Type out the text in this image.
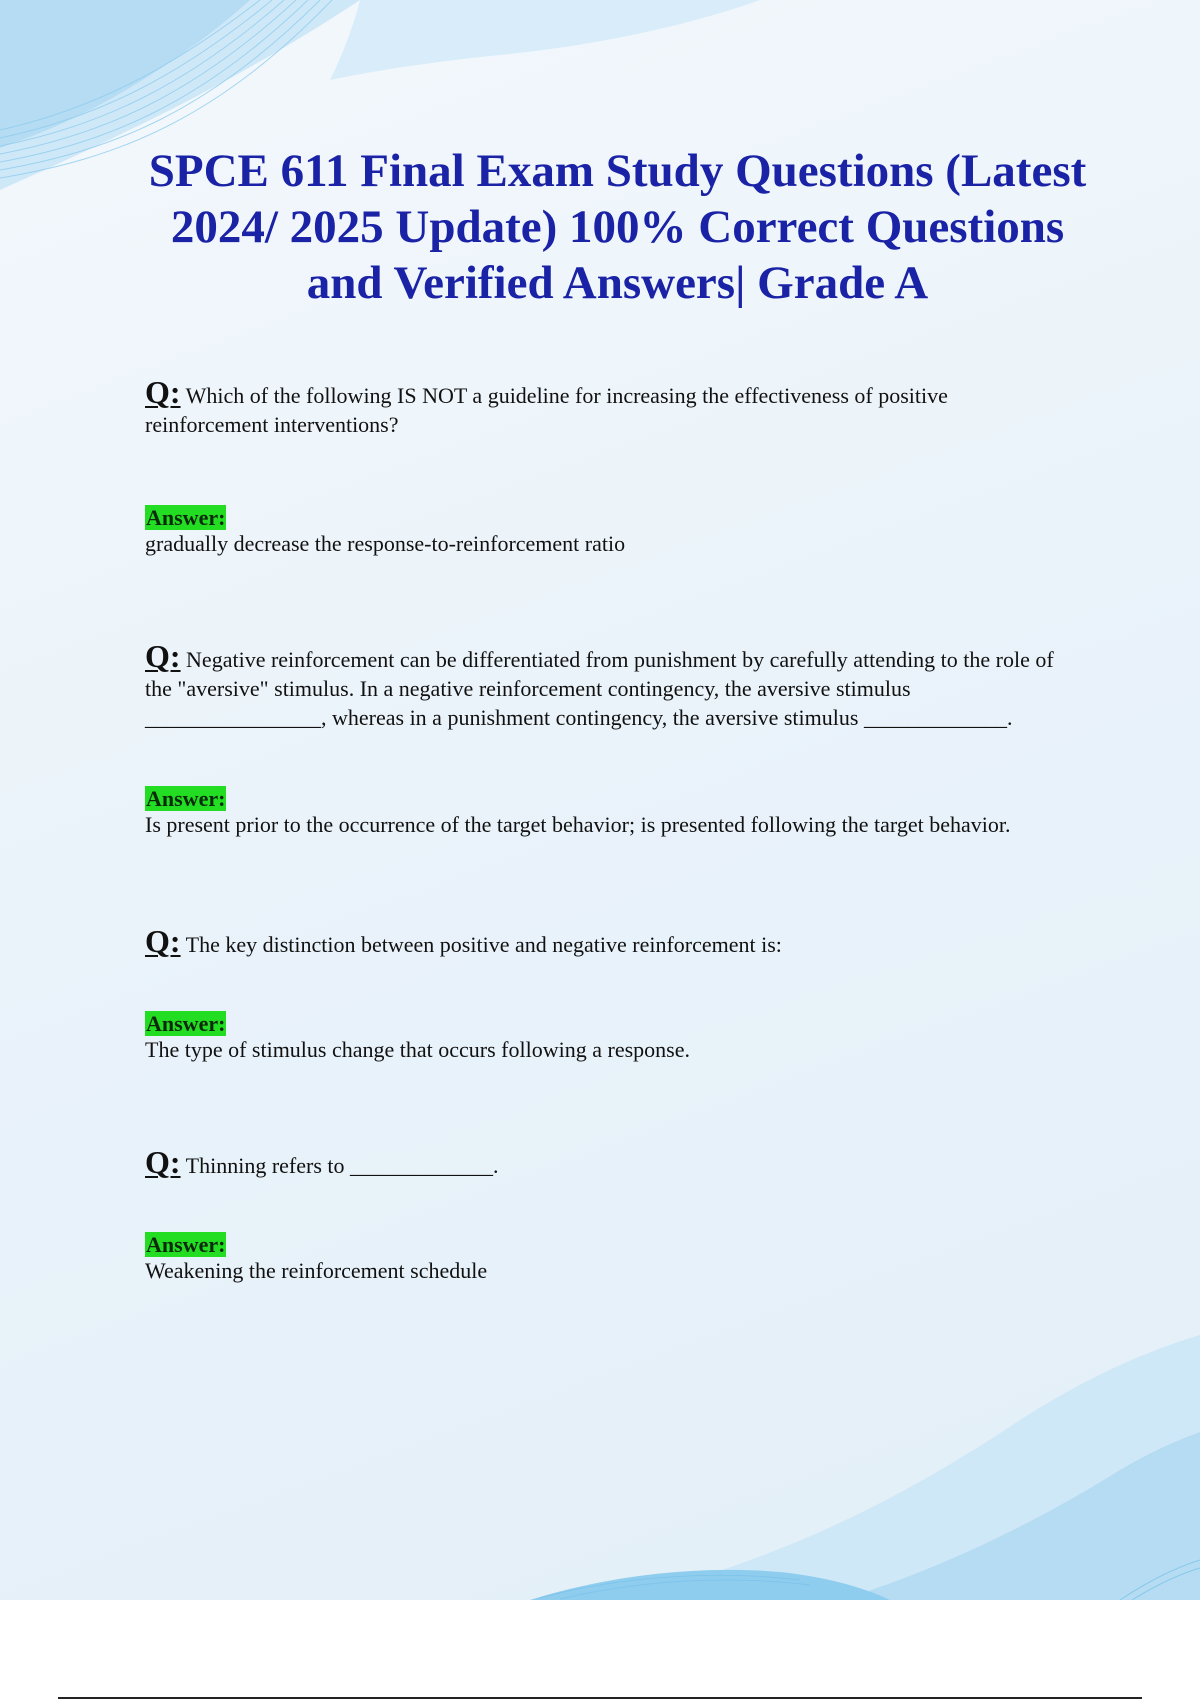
SPCE 611 Final Exam Study Questions (Latest 2024/ 2025 Update) 100% Correct Questions and Verified Answers| Grade A

Q: Which of the following IS NOT a guideline for increasing the effectiveness of positive reinforcement interventions?

Answer:

gradually decrease the response-to-reinforcement ratio

Q: Negative reinforcement can be differentiated from punishment by carefully attending to the role of the "aversive" stimulus. In a negative reinforcement contingency, the aversive stimulus ________________, whereas in a punishment contingency, the aversive stimulus _____________.

Answer:

Is present prior to the occurrence of the target behavior; is presented following the target behavior.

Q: The key distinction between positive and negative reinforcement is:

Answer:

The type of stimulus change that occurs following a response.

Q: Thinning refers to _____________.

Answer:

Weakening the reinforcement schedule
